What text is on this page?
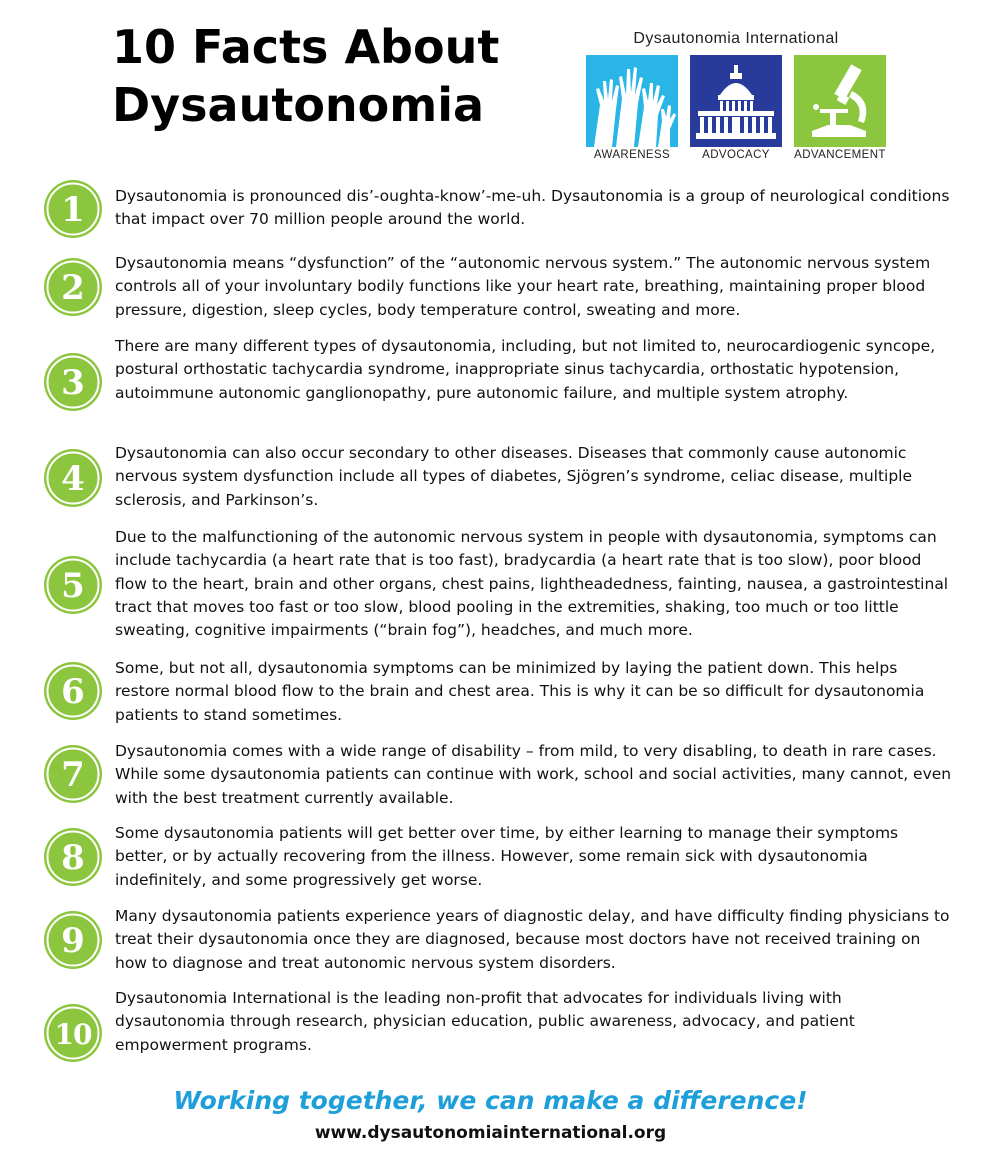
10 Facts About Dysautonomia
Dysautonomia International
AWARENESS	ADVOCACY	ADVANCEMENT
1 Dysautonomia is pronounced dis’-oughta-know’-me-uh. Dysautonomia is a group of neurological conditions that impact over 70 million people around the world.
2
Dysautonomia means “dysfunction” of the “autonomic nervous system.” The autonomic nervous system controls all of your involuntary bodily functions like your heart rate, breathing, maintaining proper blood pressure, digestion, sleep cycles, body temperature control, sweating and more.
3
There are many different types of dysautonomia, including, but not limited to, neurocardiogenic syncope, postural orthostatic tachycardia syndrome, inappropriate sinus tachycardia, orthostatic hypotension, autoimmune autonomic ganglionopathy, pure autonomic failure, and multiple system atrophy.
4
Dysautonomia can also occur secondary to other diseases. Diseases that commonly cause autonomic nervous system dysfunction include all types of diabetes, Sjögren’s syndrome, celiac disease, multiple sclerosis, and Parkinson’s.
5
Due to the malfunctioning of the autonomic nervous system in people with dysautonomia, symptoms can include tachycardia (a heart rate that is too fast), bradycardia (a heart rate that is too slow), poor blood flow to the heart, brain and other organs, chest pains, lightheadedness, fainting, nausea, a gastrointestinal tract that moves too fast or too slow, blood pooling in the extremities, shaking, too much or too little sweating, cognitive impairments (“brain fog”), headches, and much more.
6
Some, but not all, dysautonomia symptoms can be minimized by laying the patient down. This helps restore normal blood flow to the brain and chest area. This is why it can be so difficult for dysautonomia patients to stand sometimes.
7
Dysautonomia comes with a wide range of disability – from mild, to very disabling, to death in rare cases. While some dysautonomia patients can continue with work, school and social activities, many cannot, even with the best treatment currently available.
8
Some dysautonomia patients will get better over time, by either learning to manage their symptoms better, or by actually recovering from the illness. However, some remain sick with dysautonomia indefinitely, and some progressively get worse.
9
Many dysautonomia patients experience years of diagnostic delay, and have difficulty finding physicians to treat their dysautonomia once they are diagnosed, because most doctors have not received training on how to diagnose and treat autonomic nervous system disorders.
10
Dysautonomia International is the leading non-profit that advocates for individuals living with dysautonomia through research, physician education, public awareness, advocacy, and patient empowerment programs.
Working together, we can make a difference!
www.dysautonomiainternational.org
